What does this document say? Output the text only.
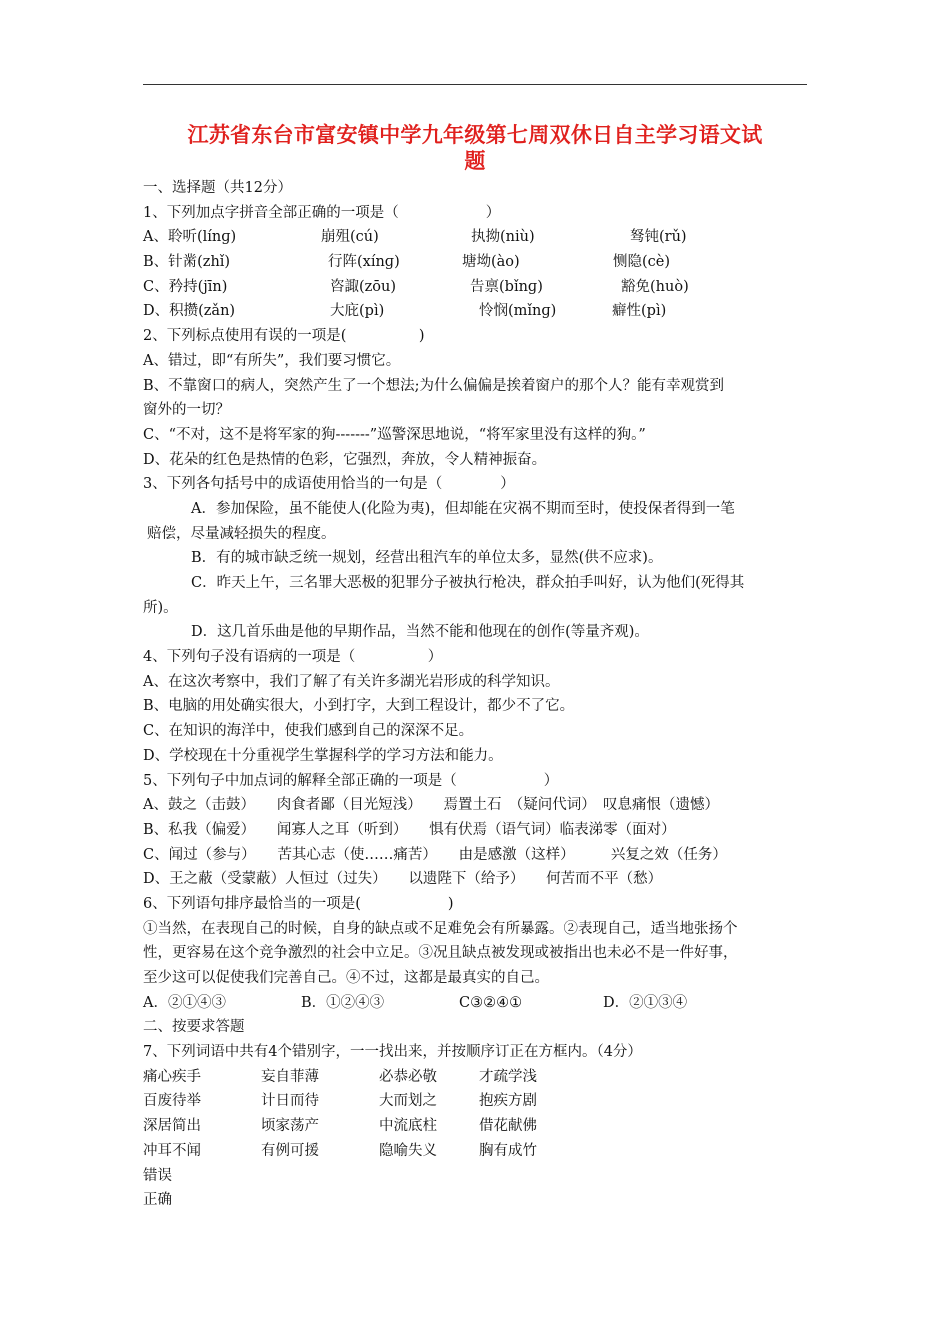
江苏省东台市富安镇中学九年级第七周双休日自主学习语文试
题
一、选择题（共12分）
1、下列加点字拼音全部正确的一项是（　　　　　　）
A、聆听(línɡ)	崩殂(cú)	执拗(niù)	驽钝(rǔ)
B、针黹(zhǐ)	行阵(xínɡ)	塘坳(ào)	恻隐(cè)
C、矜持(jīn)	咨諏(zōu)	告禀(bǐnɡ)	豁免(huò)
D、积攒(zǎn)	大庇(pì)	怜悯(mǐnɡ)	癖性(pì)
2、下列标点使用有误的一项是(　　　　　)
A、错过，即“有所失”，我们要习惯它。
B、不靠窗口的病人，突然产生了一个想法;为什么偏偏是挨着窗户的那个人？能有幸观赏到
窗外的一切？
C、“不对，这不是将军家的狗-------”巡警深思地说，“将军家里没有这样的狗。”
D、花朵的红色是热情的色彩，它强烈，奔放，令人精神振奋。
3、下列各句括号中的成语使用恰当的一句是（　　　　）
A．参加保险，虽不能使人(化险为夷)，但却能在灾祸不期而至时，使投保者得到一笔
赔偿，尽量减轻损失的程度。
B．有的城市缺乏统一规划，经营出租汽车的单位太多，显然(供不应求)。
C．昨天上午，三名罪大恶极的犯罪分子被执行枪决，群众拍手叫好，认为他们(死得其
所)。
D．这几首乐曲是他的早期作品，当然不能和他现在的创作(等量齐观)。
4、下列句子没有语病的一项是（　　　　　）
A、在这次考察中，我们了解了有关许多湖光岩形成的科学知识。
B、电脑的用处确实很大，小到打字，大到工程设计，都少不了它。
C、在知识的海洋中，使我们感到自己的深深不足。
D、学校现在十分重视学生掌握科学的学习方法和能力。
5、下列句子中加点词的解释全部正确的一项是（　　　　　　）
A、鼓之（击鼓）　　肉食者鄙（目光短浅）　　焉置土石　（疑问代词）　叹息痛恨（遗憾）
B、私我（偏爱）　　闻寡人之耳（听到）　　惧有伏焉（语气词）临表涕零（面对）
C、闻过（参与）　　苦其心志（使……痛苦）　　由是感激（这样）　　　兴复之效（任务）
D、王之蔽（受蒙蔽）人恒过（过失）　　以遗陛下（给予）　　何苦而不平（愁）
6、下列语句排序最恰当的一项是(　　　　　　)
①当然，在表现自己的时候，自身的缺点或不足难免会有所暴露。②表现自己，适当地张扬个
性，更容易在这个竞争激烈的社会中立足。③况且缺点被发现或被指出也未必不是一件好事，
至少这可以促使我们完善自己。④不过，这都是最真实的自己。
A．②①④③	B．①②④③	C③②④①	D．②①③④
二、按要求答题
7、下列词语中共有4个错别字，一一找出来，并按顺序订正在方框内。（4分）
痛心疾手	妄自菲薄	必恭必敬	才疏学浅
百废待举	计日而待	大而划之	抱疾方剧
深居简出	顷家荡产	中流底柱	借花献佛
冲耳不闻	有例可援	隐喻失义	胸有成竹
错误
正确
